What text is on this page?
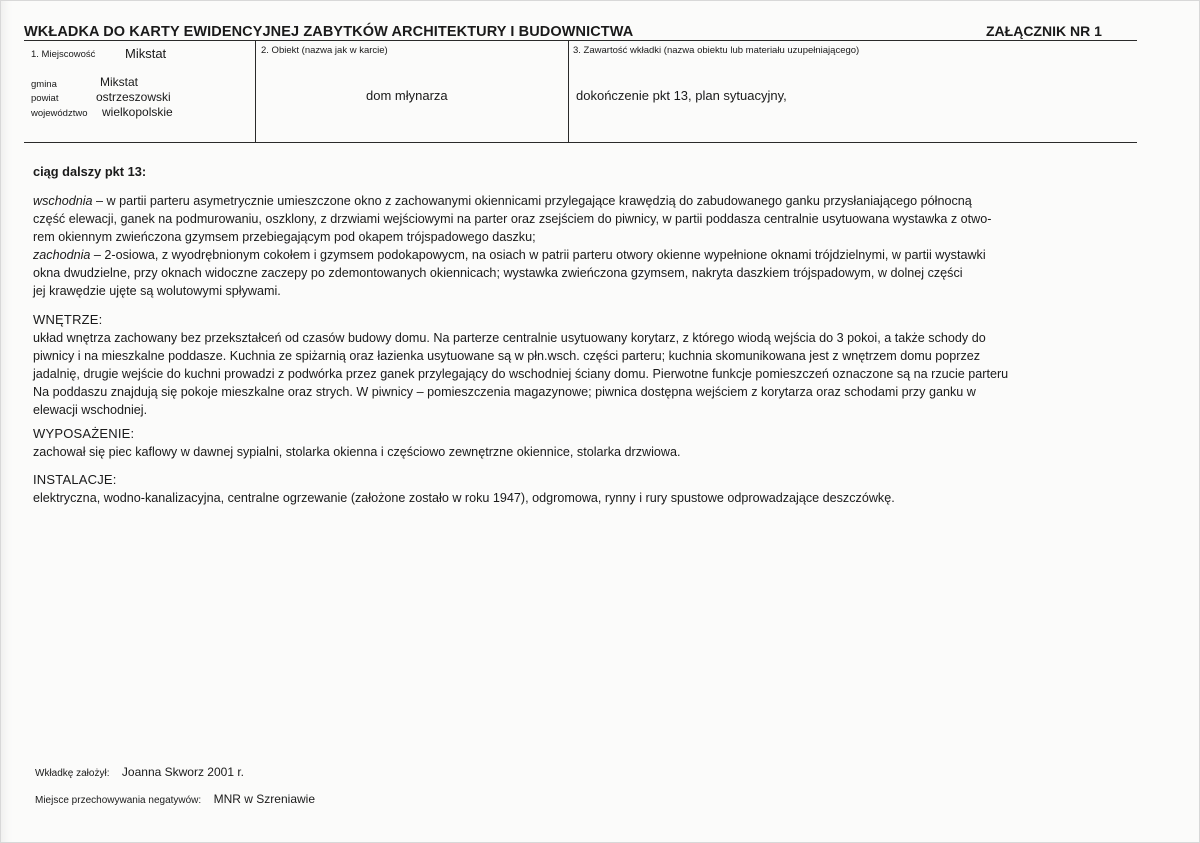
WKŁADKA DO KARTY EWIDENCYJNEJ ZABYTKÓW ARCHITEKTURY I BUDOWNICTWA	ZAŁĄCZNIK NR 1
1. Miejscowość Mikstat
gmina	Mikstat
powiat	ostrzeszowski
województwo wielkopolskie
2. Obiekt (nazwa jak w karcie)
dom młynarza
3. Zawartość wkładki (nazwa obiektu lub materiału uzupełniającego)
dokończenie pkt 13, plan sytuacyjny,

ciąg dalszy pkt 13:

wschodnia – w partii parteru asymetrycznie umieszczone okno z zachowanymi okiennicami przylegające krawędzią do zabudowanego ganku przysłaniającego północną

część elewacji, ganek na podmurowaniu, oszklony, z drzwiami wejściowymi na parter oraz zsejściem do piwnicy, w partii poddasza centralnie usytuowana wystawka z otwo-

rem okiennym zwieńczona gzymsem przebiegającym pod okapem trójspadowego daszku;

zachodnia – 2-osiowa, z wyodrębnionym cokołem i gzymsem podokapowycm, na osiach w patrii parteru otwory okienne wypełnione oknami trójdzielnymi, w partii wystawki

okna dwudzielne, przy oknach widoczne zaczepy po zdemontowanych okiennicach; wystawka zwieńczona gzymsem, nakryta daszkiem trójspadowym, w dolnej części

jej krawędzie ujęte są wolutowymi spływami.

WNĘTRZE:

układ wnętrza zachowany bez przekształceń od czasów budowy domu. Na parterze centralnie usytuowany korytarz, z którego wiodą wejścia do 3 pokoi, a także schody do

piwnicy i na mieszkalne poddasze. Kuchnia ze spiżarnią oraz łazienka usytuowane są w płn.wsch. części parteru; kuchnia skomunikowana jest z wnętrzem domu poprzez

jadalnię, drugie wejście do kuchni prowadzi z podwórka przez ganek przylegający do wschodniej ściany domu. Pierwotne funkcje pomieszczeń oznaczone są na rzucie parteru

Na poddaszu znajdują się pokoje mieszkalne oraz strych. W piwnicy – pomieszczenia magazynowe; piwnica dostępna wejściem z korytarza oraz schodami przy ganku w

elewacji wschodniej.

WYPOSAŻENIE:

zachował się piec kaflowy w dawnej sypialni, stolarka okienna i częściowo zewnętrzne okiennice, stolarka drzwiowa.

INSTALACJE:

elektryczna, wodno-kanalizacyjna, centralne ogrzewanie (założone zostało w roku 1947), odgromowa, rynny i rury spustowe odprowadzające deszczówkę.

Wkładkę założył: Joanna Skworz 2001 r.
Miejsce przechowywania negatywów: MNR w Szreniawie
